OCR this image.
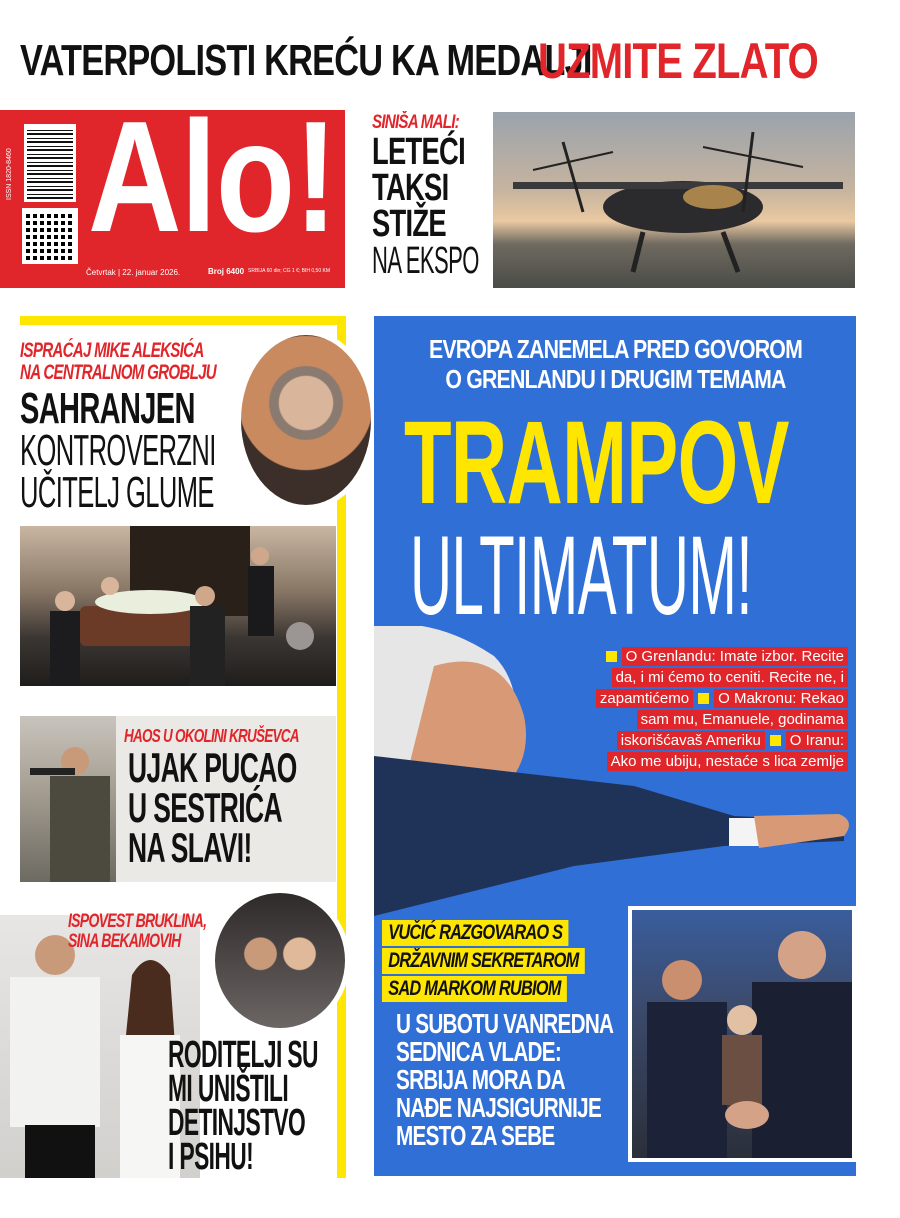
VATERPOLISTI KREĆU KA MEDALJI
UZMITE ZLATO
ISSN 1820-8460 Alo!
Četvrtak | 22. januar 2026.	Broj 6400 SRBIJA 60 din; CG 1 €; BIH 0,50 KM
SINIŠA MALI:
LETEĆI
TAKSI
STIŽE
NA EKSPO
ISPRAĆAJ MIKE ALEKSIĆA
NA CENTRALNOM GROBLJU
SAHRANJEN
KONTROVERZNI
UČITELJ GLUME
HAOS U OKOLINI KRUŠEVCA
UJAK PUCAO
U SESTRIĆA
NA SLAVI!
ISPOVEST BRUKLINA,
SINA BEKAMOVIH
RODITELJI SU
MI UNIŠTILI
DETINJSTVO
I PSIHU!
EVROPA ZANEMELA PRED GOVOROM
O GRENLANDU I DRUGIM TEMAMA
TRAMPOV
ULTIMATUM!
O Grenlandu: Imate izbor. Recite
da, i mi ćemo to ceniti. Recite ne, i
zapamtićemo O Makronu: Rekao
sam mu, Emanuele, godinama
iskorišćavaš Ameriku O Iranu:
Ako me ubiju, nestaće s lica zemlje
VUČIĆ RAZGOVARAO S
DRŽAVNIM SEKRETAROM
SAD MARKOM RUBIOM
U SUBOTU VANREDNA
SEDNICA VLADE:
SRBIJA MORA DA
NAĐE NAJSIGURNIJE
MESTO ZA SEBE
